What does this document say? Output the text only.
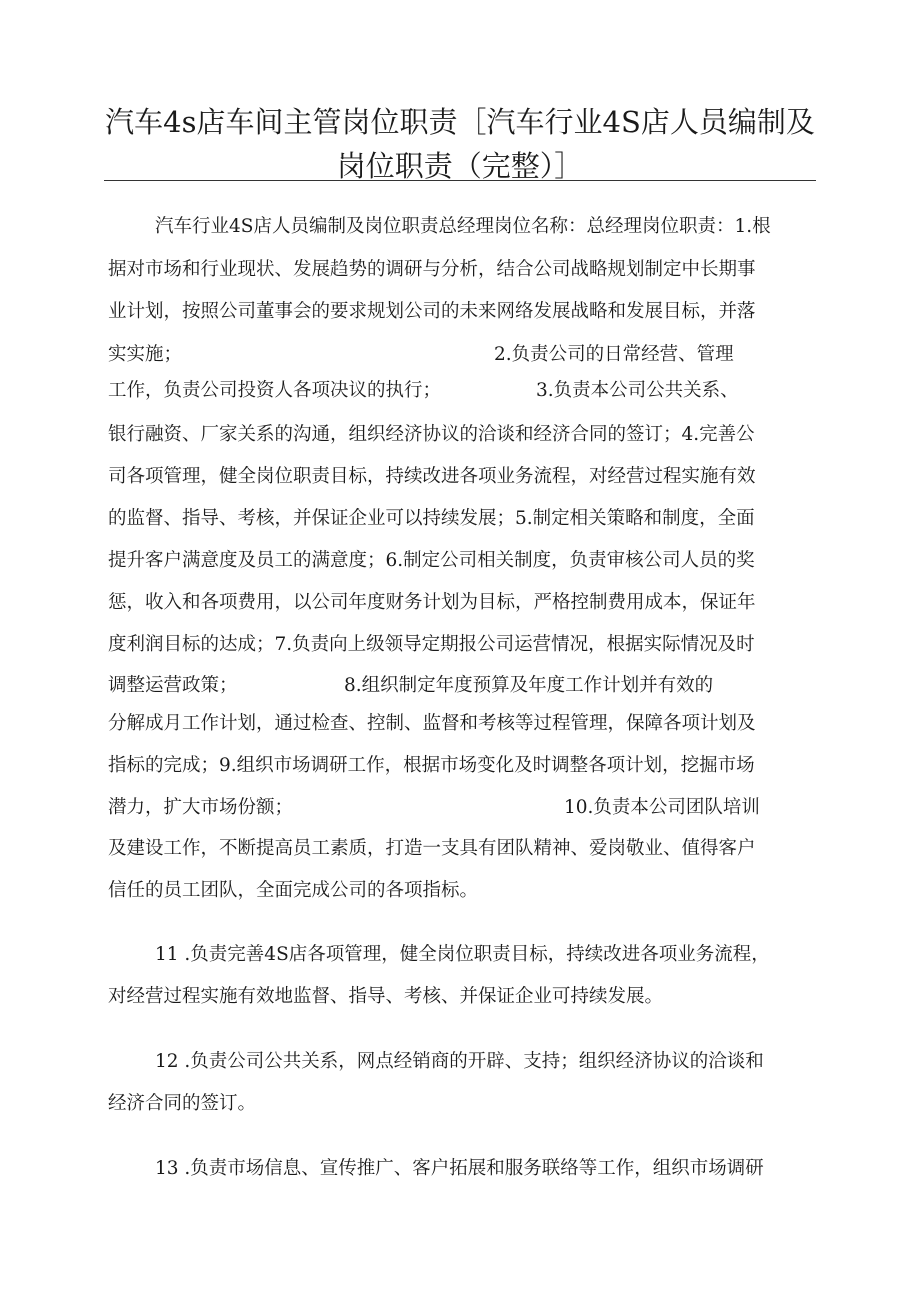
汽车4s店车间主管岗位职责［汽车行业4S店人员编制及
岗位职责（完整）］
汽车行业4S店人员编制及岗位职责总经理岗位名称：总经理岗位职责：1.根
据对市场和行业现状、发展趋势的调研与分析，结合公司战略规划制定中长期事
业计划，按照公司董事会的要求规划公司的未来网络发展战略和发展目标，并落
实实施；	2.负责公司的日常经营、管理
工作，负责公司投资人各项决议的执行；	3.负责本公司公共关系、
银行融资、厂家关系的沟通，组织经济协议的洽谈和经济合同的签订；4.完善公
司各项管理，健全岗位职责目标，持续改进各项业务流程，对经营过程实施有效
的监督、指导、考核，并保证企业可以持续发展；5.制定相关策略和制度，全面
提升客户满意度及员工的满意度；6.制定公司相关制度，负责审核公司人员的奖
惩，收入和各项费用，以公司年度财务计划为目标，严格控制费用成本，保证年
度利润目标的达成；7.负责向上级领导定期报公司运营情况，根据实际情况及时
调整运营政策；	8.组织制定年度预算及年度工作计划并有效的
分解成月工作计划，通过检查、控制、监督和考核等过程管理，保障各项计划及
指标的完成；9.组织市场调研工作，根据市场变化及时调整各项计划，挖掘市场
潜力，扩大市场份额；	10.负责本公司团队培训
及建设工作，不断提高员工素质，打造一支具有团队精神、爱岗敬业、值得客户
信任的员工团队，全面完成公司的各项指标。
11 .负责完善4S店各项管理，健全岗位职责目标，持续改进各项业务流程，
对经营过程实施有效地监督、指导、考核、并保证企业可持续发展。
12 .负责公司公共关系，网点经销商的开辟、支持；组织经济协议的洽谈和
经济合同的签订。
13 .负责市场信息、宣传推广、客户拓展和服务联络等工作，组织市场调研
